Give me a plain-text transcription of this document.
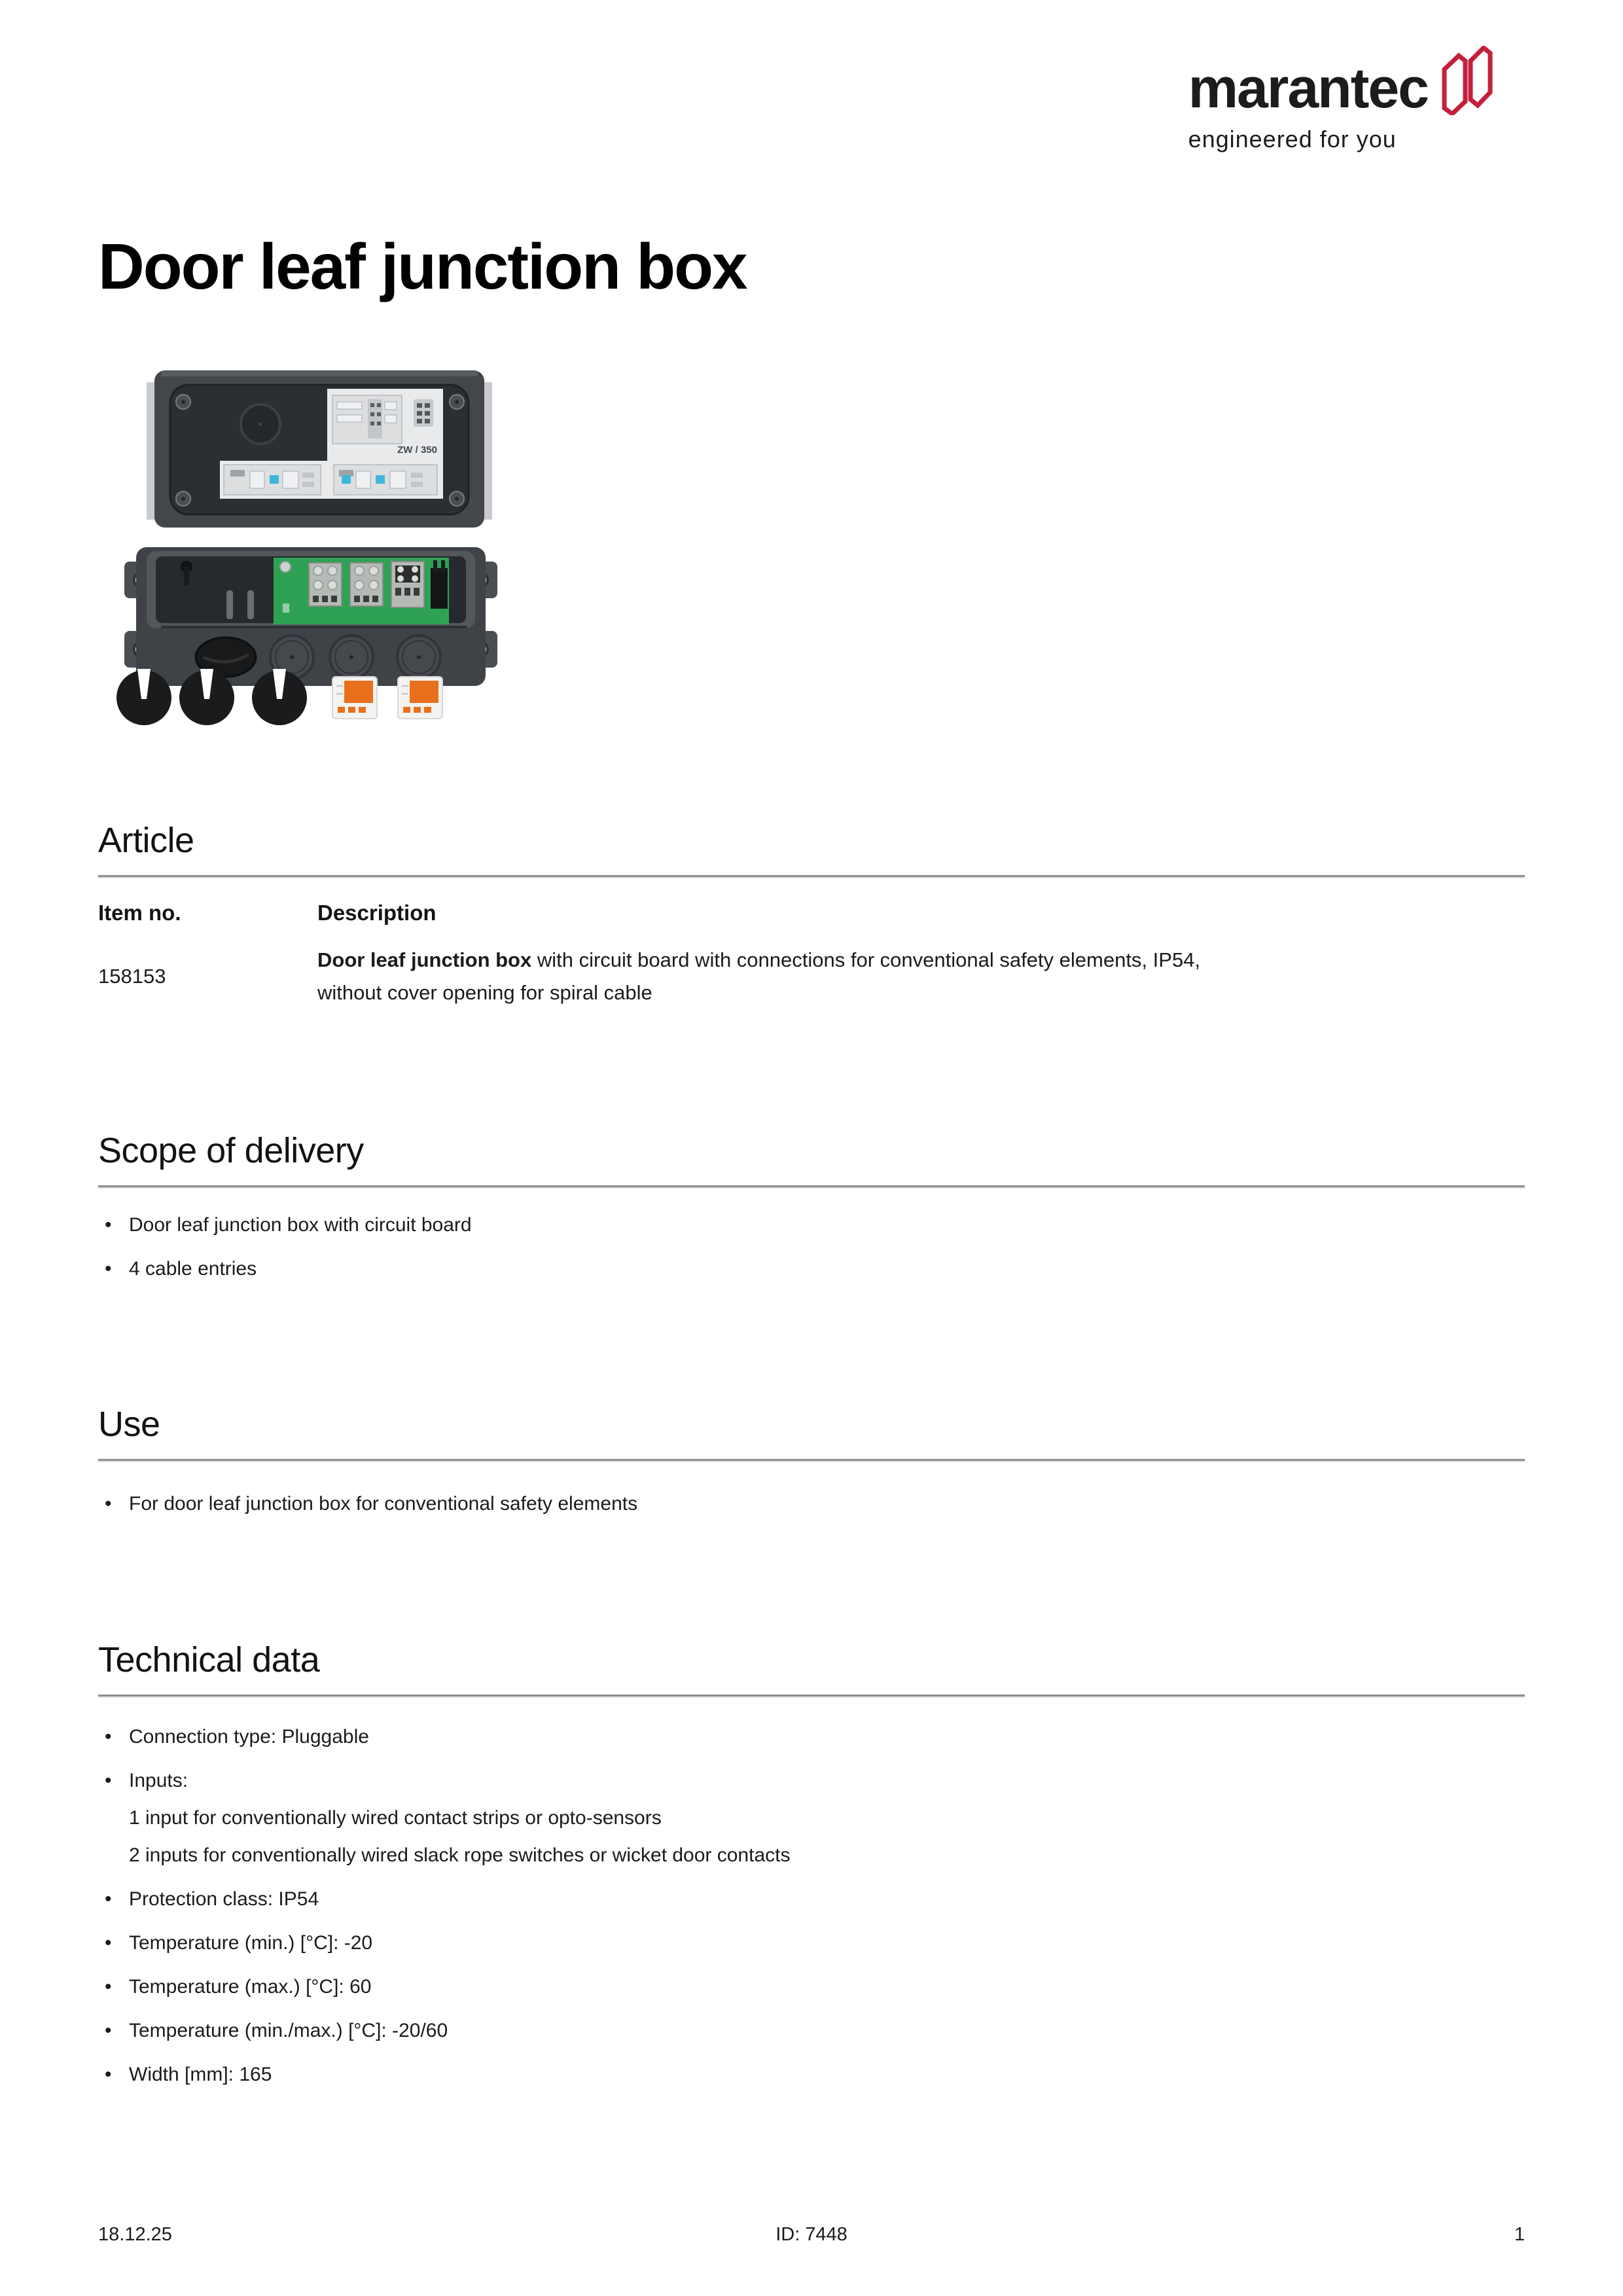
marantec
engineered for you
Door leaf junction box
ZW / 350
Article
Item no.	Description
158153
Door leaf junction box with circuit board with connections for conventional safety elements, IP54,
without cover opening for spiral cable
Scope of delivery
• Door leaf junction box with circuit board
• 4 cable entries
Use
• For door leaf junction box for conventional safety elements
Technical data
• Connection type: Pluggable
• Inputs:
1 input for conventionally wired contact strips or opto-sensors
2 inputs for conventionally wired slack rope switches or wicket door contacts
• Protection class: IP54
• Temperature (min.) [°C]: -20
• Temperature (max.) [°C]: 60
• Temperature (min./max.) [°C]: -20/60
• Width [mm]: 165
18.12.25	ID: 7448	1
